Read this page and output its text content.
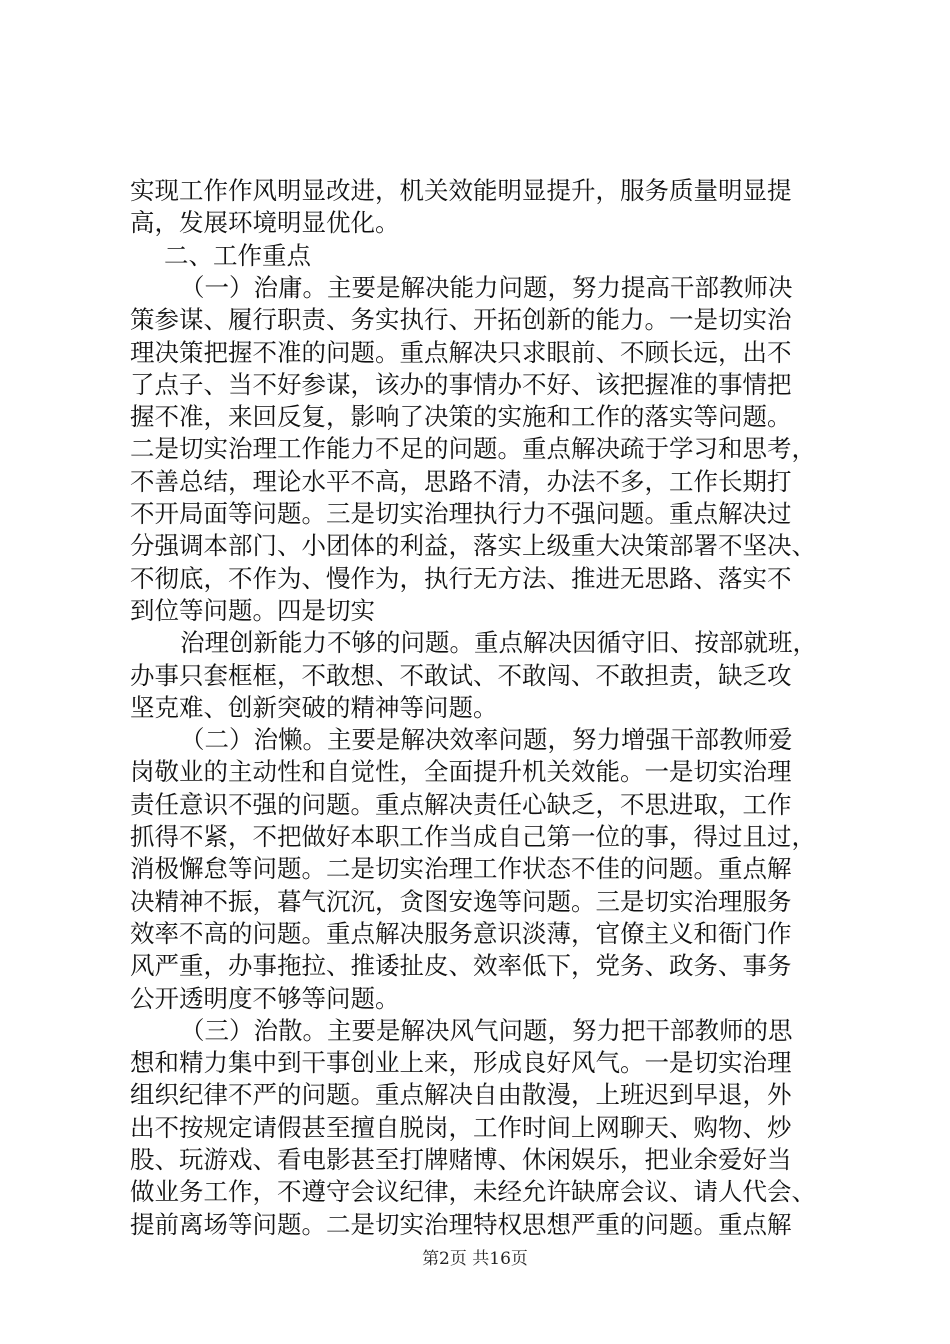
实现工作作风明显改进，机关效能明显提升，服务质量明显提
高，发展环境明显优化。
二、工作重点
（一）治庸。主要是解决能力问题，努力提高干部教师决
策参谋、履行职责、务实执行、开拓创新的能力。一是切实治
理决策把握不准的问题。重点解决只求眼前、不顾长远，出不
了点子、当不好参谋，该办的事情办不好、该把握准的事情把
握不准，来回反复，影响了决策的实施和工作的落实等问题。
二是切实治理工作能力不足的问题。重点解决疏于学习和思考，
不善总结，理论水平不高，思路不清，办法不多，工作长期打
不开局面等问题。三是切实治理执行力不强问题。重点解决过
分强调本部门、小团体的利益，落实上级重大决策部署不坚决、
不彻底，不作为、慢作为，执行无方法、推进无思路、落实不
到位等问题。四是切实
治理创新能力不够的问题。重点解决因循守旧、按部就班，
办事只套框框，不敢想、不敢试、不敢闯、不敢担责，缺乏攻
坚克难、创新突破的精神等问题。
（二）治懒。主要是解决效率问题，努力增强干部教师爱
岗敬业的主动性和自觉性，全面提升机关效能。一是切实治理
责任意识不强的问题。重点解决责任心缺乏，不思进取，工作
抓得不紧，不把做好本职工作当成自己第一位的事，得过且过，
消极懈怠等问题。二是切实治理工作状态不佳的问题。重点解
决精神不振，暮气沉沉，贪图安逸等问题。三是切实治理服务
效率不高的问题。重点解决服务意识淡薄，官僚主义和衙门作
风严重，办事拖拉、推诿扯皮、效率低下，党务、政务、事务
公开透明度不够等问题。
（三）治散。主要是解决风气问题，努力把干部教师的思
想和精力集中到干事创业上来，形成良好风气。一是切实治理
组织纪律不严的问题。重点解决自由散漫，上班迟到早退，外
出不按规定请假甚至擅自脱岗，工作时间上网聊天、购物、炒
股、玩游戏、看电影甚至打牌赌博、休闲娱乐，把业余爱好当
做业务工作，不遵守会议纪律，未经允许缺席会议、请人代会、
提前离场等问题。二是切实治理特权思想严重的问题。重点解
第2页 共16页
